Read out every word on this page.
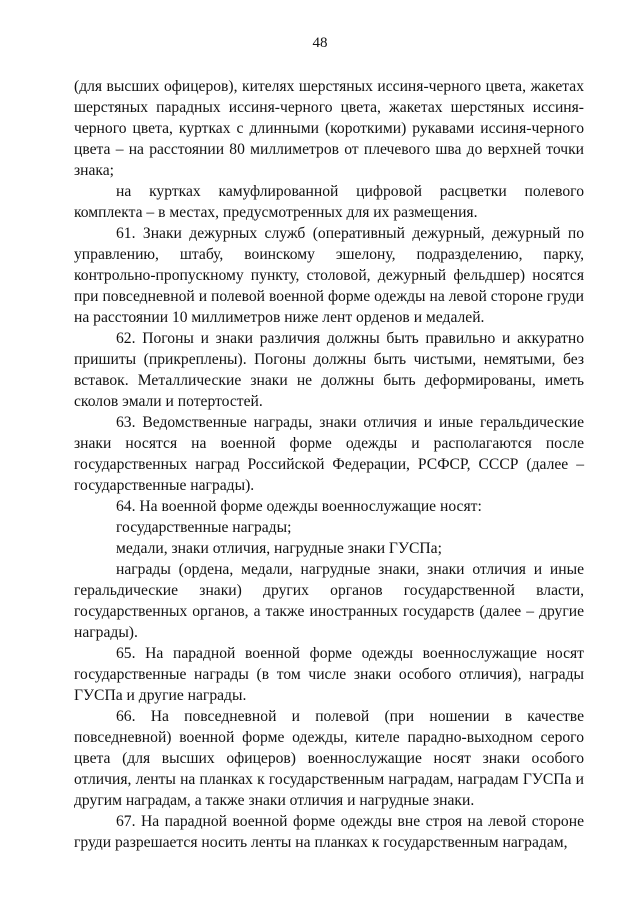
48

(для высших офицеров), кителях шерстяных иссиня-черного цвета, жакетах шерстяных парадных иссиня-черного цвета, жакетах шерстяных иссиня-черного цвета, куртках с длинными (короткими) рукавами иссиня-черного цвета – на расстоянии 80 миллиметров от плечевого шва до верхней точки знака;

на куртках камуфлированной цифровой расцветки полевого комплекта – в местах, предусмотренных для их размещения.

61. Знаки дежурных служб (оперативный дежурный, дежурный по управлению, штабу, воинскому эшелону, подразделению, парку, контрольно-пропускному пункту, столовой, дежурный фельдшер) носятся при повседневной и полевой военной форме одежды на левой стороне груди на расстоянии 10 миллиметров ниже лент орденов и медалей.

62. Погоны и знаки различия должны быть правильно и аккуратно пришиты (прикреплены). Погоны должны быть чистыми, немятыми, без вставок. Металлические знаки не должны быть деформированы, иметь сколов эмали и потертостей.

63. Ведомственные награды, знаки отличия и иные геральдические знаки носятся на военной форме одежды и располагаются после государственных наград Российской Федерации, РСФСР, СССР (далее – государственные награды).

64. На военной форме одежды военнослужащие носят:

государственные награды;

медали, знаки отличия, нагрудные знаки ГУСПа;

награды (ордена, медали, нагрудные знаки, знаки отличия и иные геральдические знаки) других органов государственной власти, государственных органов, а также иностранных государств (далее – другие награды).

65. На парадной военной форме одежды военнослужащие носят государственные награды (в том числе знаки особого отличия), награды ГУСПа и другие награды.

66. На повседневной и полевой (при ношении в качестве повседневной) военной форме одежды, кителе парадно-выходном серого цвета (для высших офицеров) военнослужащие носят знаки особого отличия, ленты на планках к государственным наградам, наградам ГУСПа и другим наградам, а также знаки отличия и нагрудные знаки.

67. На парадной военной форме одежды вне строя на левой стороне груди разрешается носить ленты на планках к государственным наградам,
